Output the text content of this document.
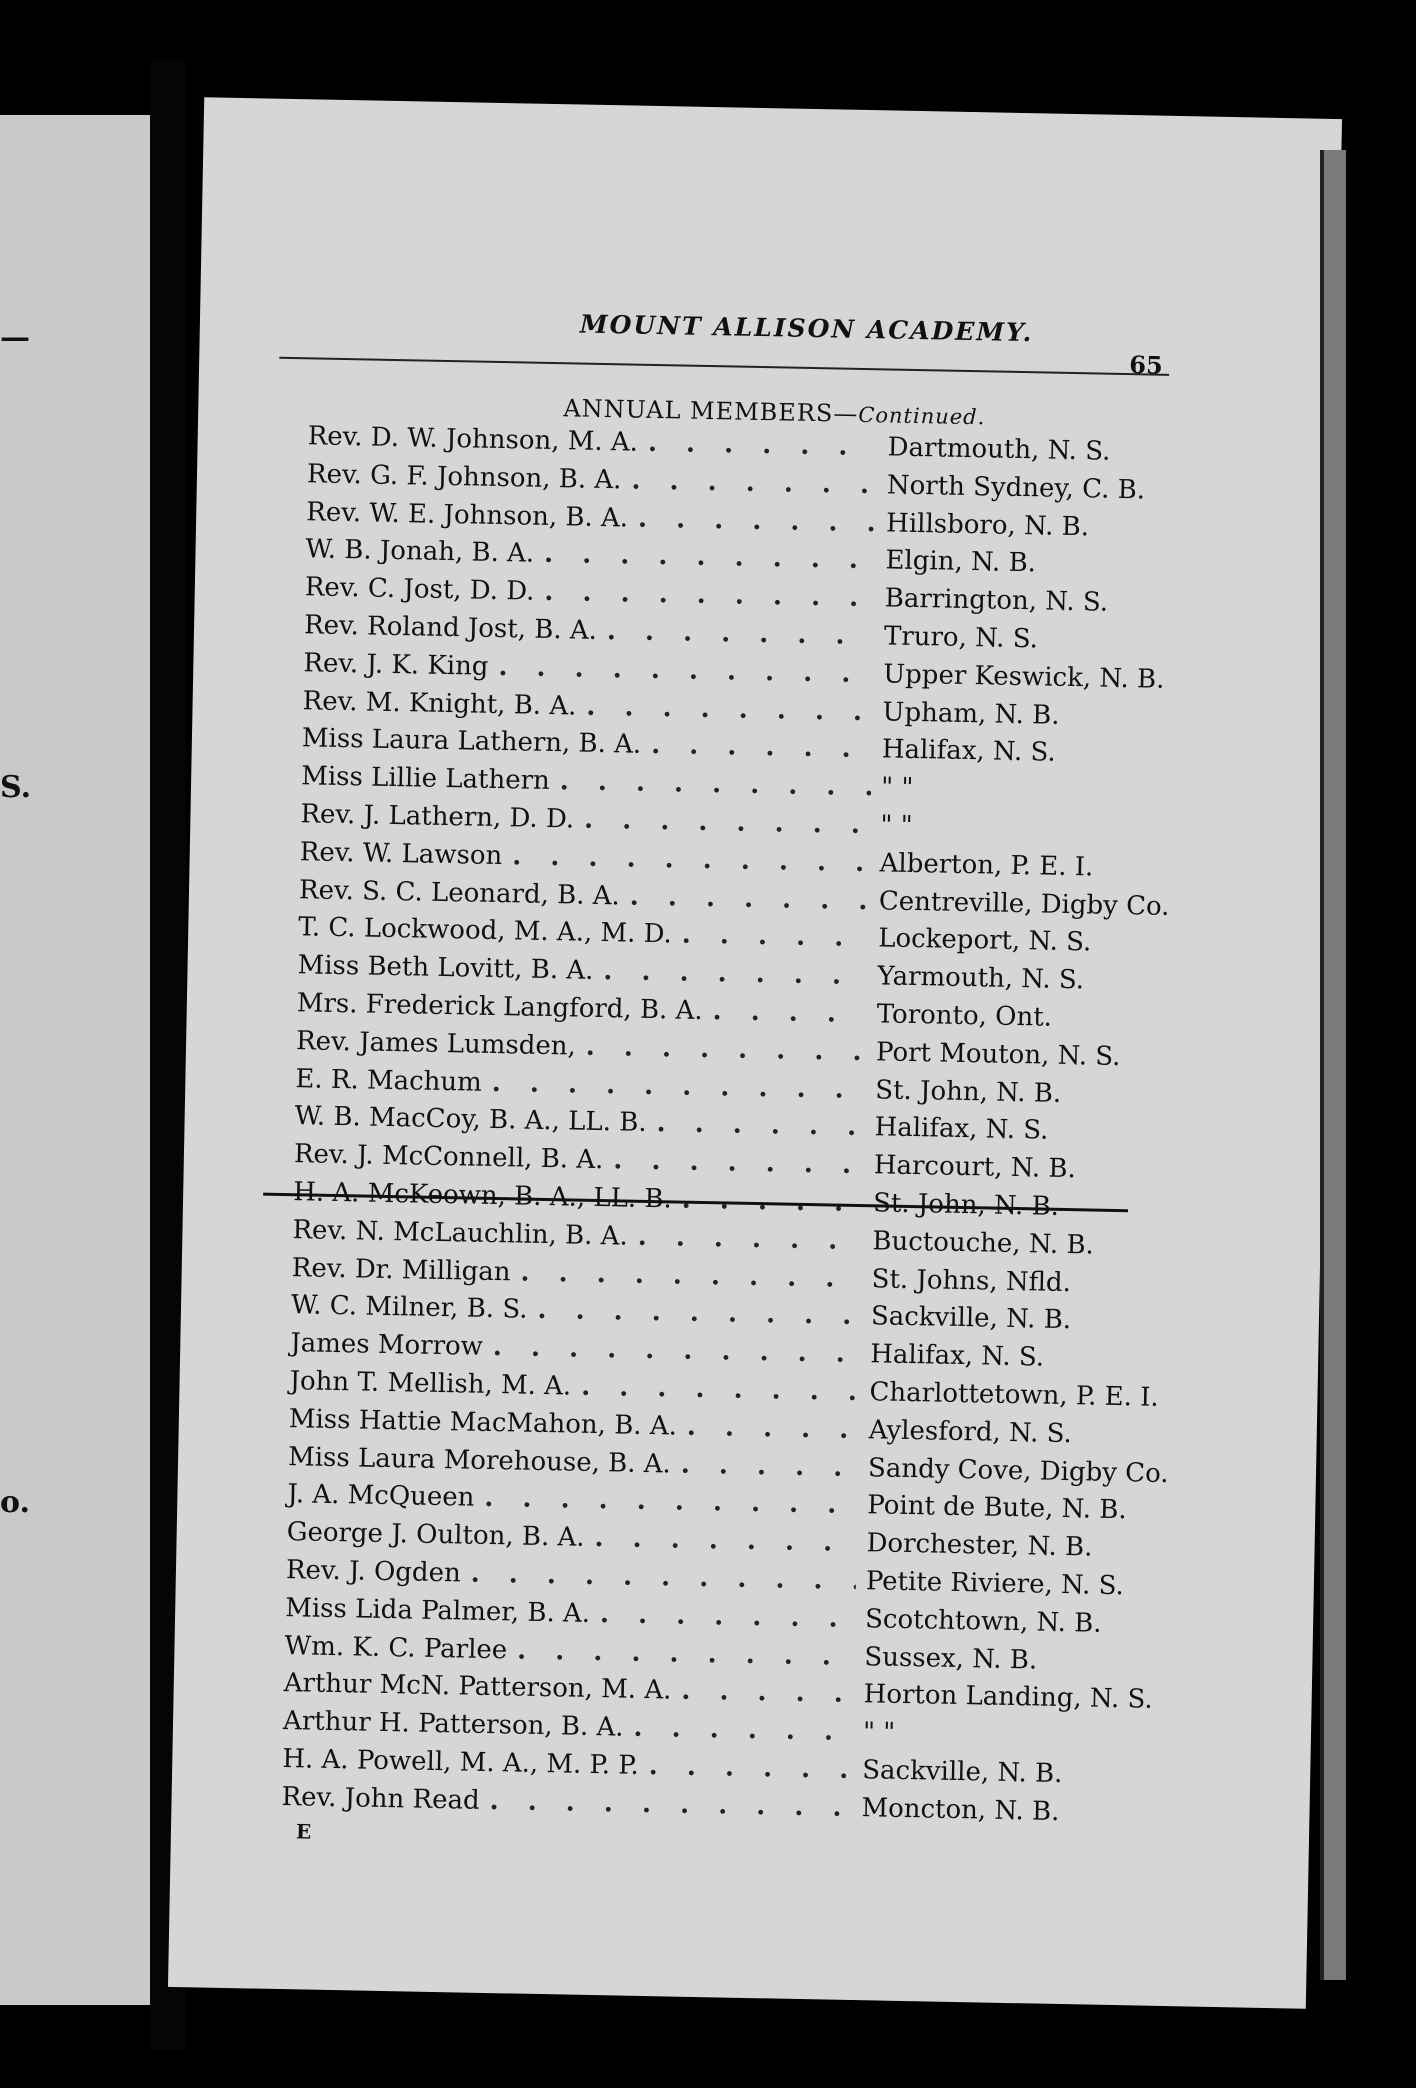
—
S.
o.
MOUNT ALLISON ACADEMY.
65
ANNUAL MEMBERS—Continued.
Rev. D. W. Johnson, M. A. . . .	Dartmouth, N. S.
Rev. G. F. Johnson, B. A. . . .	North Sydney, C. B.
Rev. W. E. Johnson, B. A. . . .	Hillsboro, N. B.
W. B. Jonah, B. A. . . .	Elgin, N. B.
Rev. C. Jost, D. D. . . .	Barrington, N. S.
Rev. Roland Jost, B. A. . . .	Truro, N. S.
Rev. J. K. King . . .	Upper Keswick, N. B.
Rev. M. Knight, B. A. . . .	Upham, N. B.
Miss Laura Lathern, B. A. . . .	Halifax, N. S.
Miss Lillie Lathern . . .	" "
Rev. J. Lathern, D. D. . . .	" "
Rev. W. Lawson . . .	Alberton, P. E. I.
Rev. S. C. Leonard, B. A. . . .	Centreville, Digby Co.
T. C. Lockwood, M. A., M. D. . . .	Lockeport, N. S.
Miss Beth Lovitt, B. A. . . .	Yarmouth, N. S.
Mrs. Frederick Langford, B. A. . . .	Toronto, Ont.
Rev. James Lumsden, . . .	Port Mouton, N. S.
E. R. Machum . . .	St. John, N. B.
W. B. MacCoy, B. A., LL. B. . . .	Halifax, N. S.
Rev. J. McConnell, B. A. . . .	Harcourt, N. B.
H. A. McKeown, B. A., LL. B. . . .	St. John, N. B.
Rev. N. McLauchlin, B. A. . . .	Buctouche, N. B.
Rev. Dr. Milligan . . .	St. Johns, Nfld.
W. C. Milner, B. S. . . .	Sackville, N. B.
James Morrow . . .	Halifax, N. S.
John T. Mellish, M. A. . . .	Charlottetown, P. E. I.
Miss Hattie MacMahon, B. A. . . .	Aylesford, N. S.
Miss Laura Morehouse, B. A. . . .	Sandy Cove, Digby Co.
J. A. McQueen . . .	Point de Bute, N. B.
George J. Oulton, B. A. . . .	Dorchester, N. B.
Rev. J. Ogden . . .	Petite Riviere, N. S.
Miss Lida Palmer, B. A. . . .	Scotchtown, N. B.
Wm. K. C. Parlee . . .	Sussex, N. B.
Arthur McN. Patterson, M. A. . . .	Horton Landing, N. S.
Arthur H. Patterson, B. A. . . .	" "
H. A. Powell, M. A., M. P. P. . . .	Sackville, N. B.
Rev. John Read . . .	Moncton, N. B.
E
